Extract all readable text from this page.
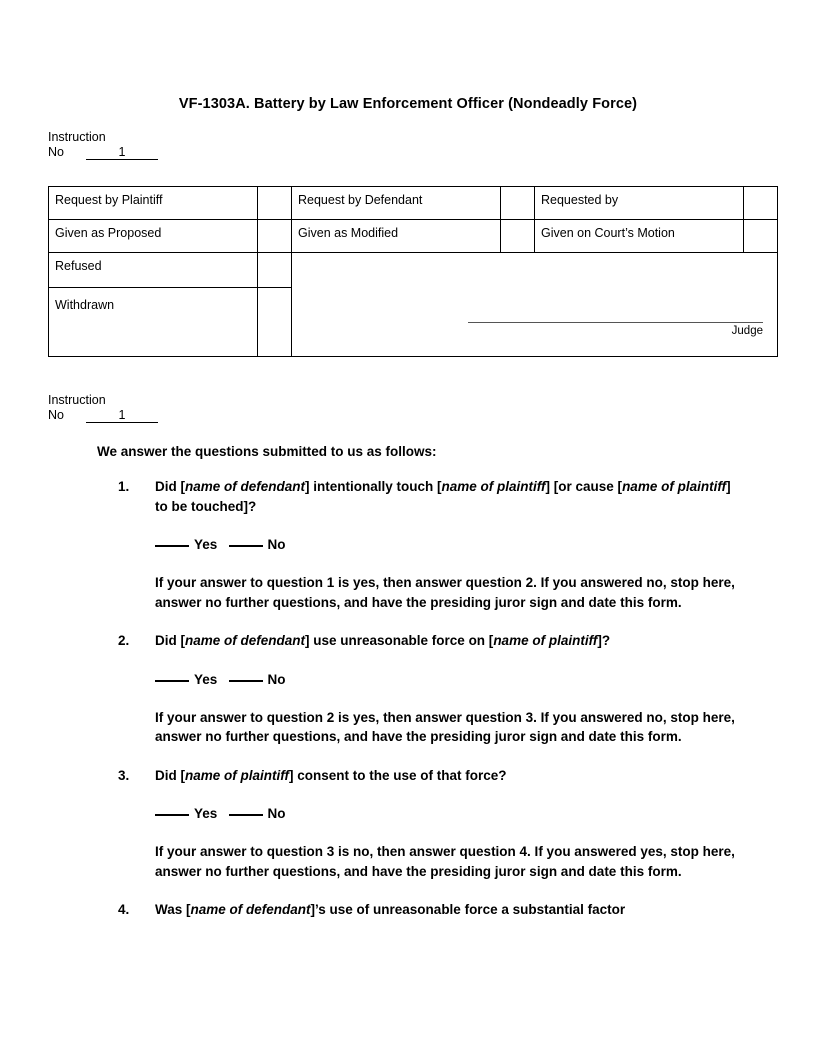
VF-1303A. Battery by Law Enforcement Officer (Nondeadly Force)
Instruction
No	1
Request by Plaintiff		Request by Defendant		Requested by	
Given as Proposed		Given as Modified		Given on Court’s Motion	
Refused		Judge			

Withdrawn					
Instruction
No	1
We answer the questions submitted to us as follows:
1. Did [name of defendant] intentionally touch [name of plaintiff] [or cause [name of plaintiff] to be touched]?

Yes	No

If your answer to question 1 is yes, then answer question 2. If you answered no, stop here, answer no further questions, and have the presiding juror sign and date this form.

2. Did [name of defendant] use unreasonable force on [name of plaintiff]?

Yes	No

If your answer to question 2 is yes, then answer question 3. If you answered no, stop here, answer no further questions, and have the presiding juror sign and date this form.

3. Did [name of plaintiff] consent to the use of that force?

Yes	No

If your answer to question 3 is no, then answer question 4. If you answered yes, stop here, answer no further questions, and have the presiding juror sign and date this form.

4. Was [name of defendant]’s use of unreasonable force a substantial factor
